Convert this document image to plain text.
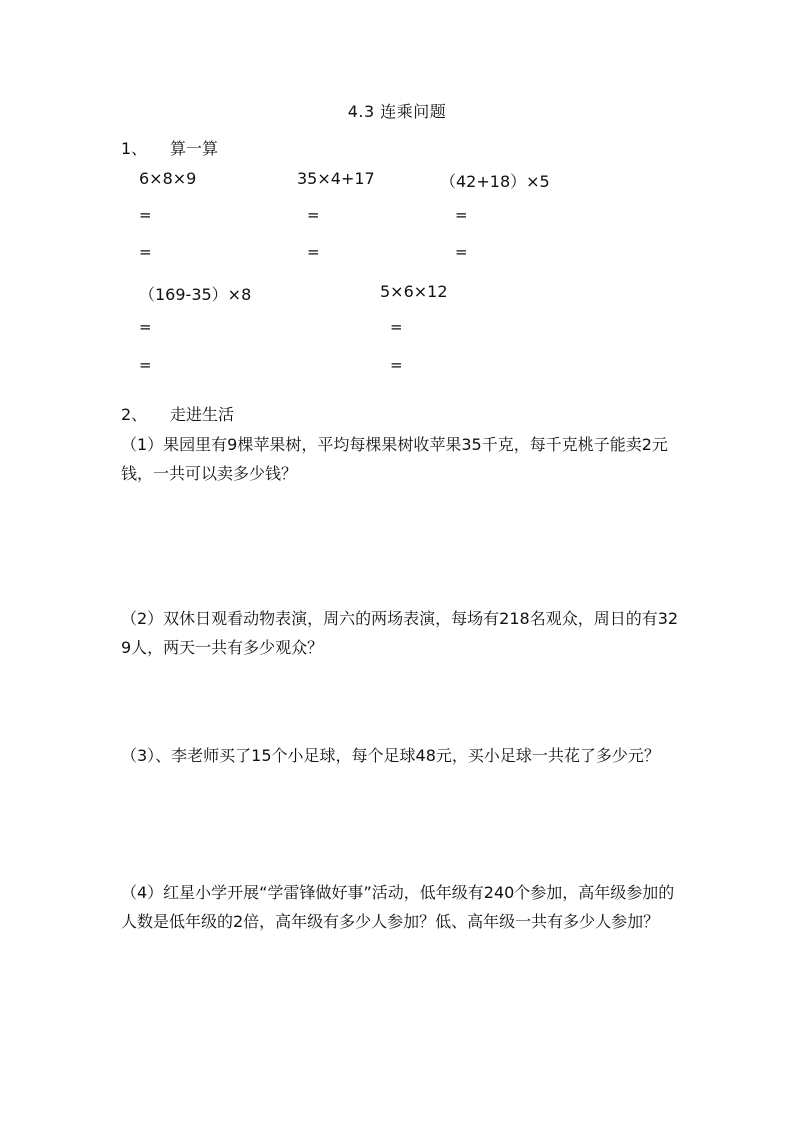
4.3 连乘问题
1、 算一算
6×8×9	35×4+17	（42+18）×5
=	=	=
=	=	=
（169-35）×8	5×6×12
=	=
=	=
2、 走进生活
（1）果园里有9棵苹果树，平均每棵果树收苹果35千克，每千克桃子能卖2元钱，一共可以卖多少钱？
（2）双休日观看动物表演，周六的两场表演，每场有218名观众，周日的有329人，两天一共有多少观众？
（3）、李老师买了15个小足球，每个足球48元，买小足球一共花了多少元？
（4）红星小学开展“学雷锋做好事”活动，低年级有240个参加，高年级参加的人数是低年级的2倍，高年级有多少人参加？低、高年级一共有多少人参加？
